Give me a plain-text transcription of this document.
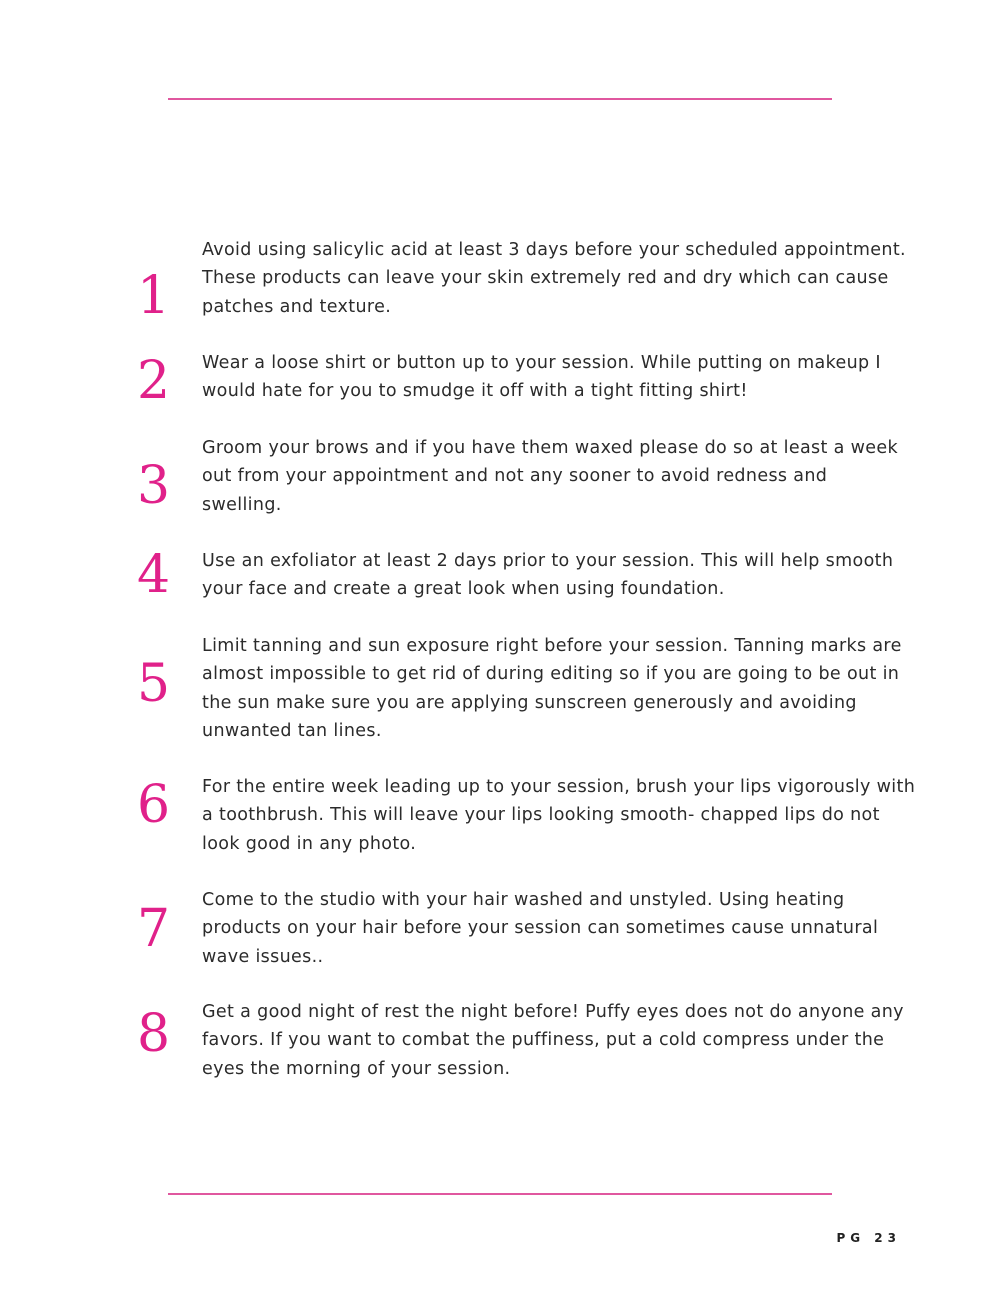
1
Avoid using salicylic acid at least 3 days before your scheduled appointment.
These products can leave your skin extremely red and dry which can cause
patches and texture.
2	Wear a loose shirt or button up to your session. While putting on makeup I
would hate for you to smudge it off with a tight fitting shirt!
3
Groom your brows and if you have them waxed please do so at least a week
out from your appointment and not any sooner to avoid redness and
swelling.
4	Use an exfoliator at least 2 days prior to your session. This will help smooth
your face and create a great look when using foundation.
5
Limit tanning and sun exposure right before your session. Tanning marks are
almost impossible to get rid of during editing so if you are going to be out in
the sun make sure you are applying sunscreen generously and avoiding
unwanted tan lines.
6	For the entire week leading up to your session, brush your lips vigorously with
a toothbrush. This will leave your lips looking smooth- chapped lips do not
look good in any photo.
7	Come to the studio with your hair washed and unstyled. Using heating
products on your hair before your session can sometimes cause unnatural
wave issues..
8	Get a good night of rest the night before! Puffy eyes does not do anyone any
favors. If you want to combat the puffiness, put a cold compress under the
eyes the morning of your session.
PG 23
